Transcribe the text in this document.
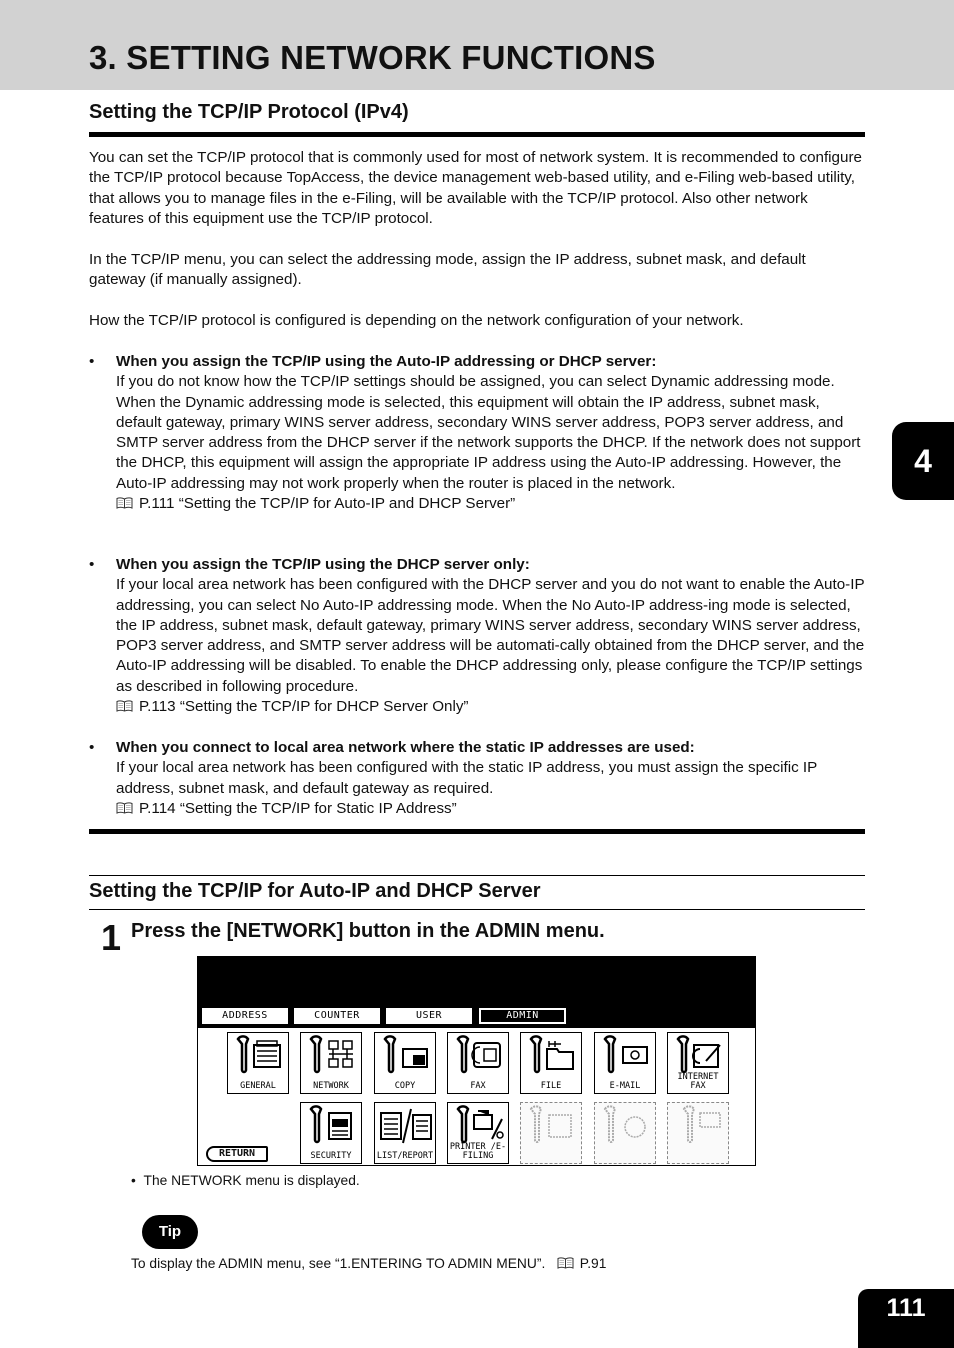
3. SETTING NETWORK FUNCTIONS
4
Setting the TCP/IP Protocol (IPv4)

You can set the TCP/IP protocol that is commonly used for most of network system. It is recommended to configure the TCP/IP protocol because TopAccess, the device management web-based utility, and e-Filing web-based utility, that allows you to manage files in the e-Filing, will be available with the TCP/IP protocol. Also other network features of this equipment use the TCP/IP protocol.

In the TCP/IP menu, you can select the addressing mode, assign the IP address, subnet mask, and default gateway (if manually assigned).

How the TCP/IP protocol is configured is depending on the network configuration of your network.

• When you assign the TCP/IP using the Auto-IP addressing or DHCP server:
If you do not know how the TCP/IP settings should be assigned, you can select Dynamic addressing mode. When the Dynamic addressing mode is selected, this equipment will obtain the IP address, subnet mask, default gateway, primary WINS server address, secondary WINS server address, POP3 server address, and SMTP server address from the DHCP server if the network supports the DHCP. If the network does not support the DHCP, this equipment will assign the appropriate IP address using the Auto-IP addressing. However, the Auto-IP addressing may not work properly when the router is placed in the network.
P.111 “Setting the TCP/IP for Auto-IP and DHCP Server”
• When you assign the TCP/IP using the DHCP server only:
If your local area network has been configured with the DHCP server and you do not want to enable the Auto-IP addressing, you can select No Auto-IP addressing mode. When the No Auto-IP address-ing mode is selected, the IP address, subnet mask, default gateway, primary WINS server address, secondary WINS server address, POP3 server address, and SMTP server address will be automati-cally obtained from the DHCP server, and the Auto-IP addressing will be disabled. To enable the DHCP addressing only, please configure the TCP/IP settings as described in following procedure.
P.113 “Setting the TCP/IP for DHCP Server Only”
• When you connect to local area network where the static IP addresses are used:
If your local area network has been configured with the static IP address, you must assign the specific IP address, subnet mask, and default gateway as required.
P.114 “Setting the TCP/IP for Static IP Address”
Setting the TCP/IP for Auto-IP and DHCP Server
1 Press the [NETWORK] button in the ADMIN menu.
ADDRESS	COUNTER	USER	ADMIN
GENERAL	NETWORK	COPY	FAX	FILE	E-MAIL
INTERNET FAX
SECURITY	LIST/REPORT
PRINTER /E-FILING
RETURN
• The NETWORK menu is displayed.
Tip
To display the ADMIN menu, see “1.ENTERING TO ADMIN MENU”.	P.91
111
